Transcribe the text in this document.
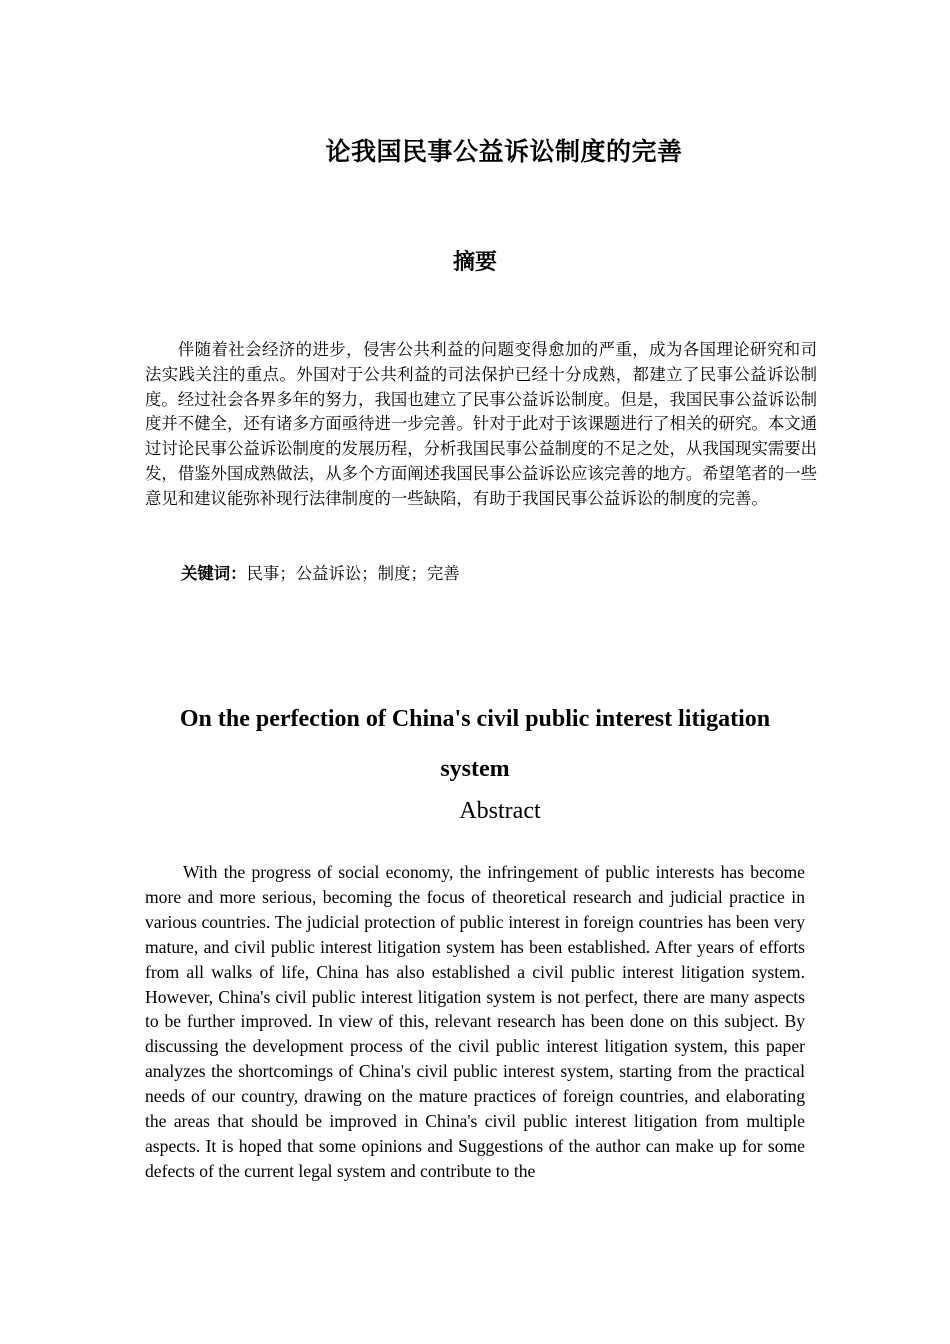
论我国民事公益诉讼制度的完善
摘要

伴随着社会经济的进步，侵害公共利益的问题变得愈加的严重，成为各国理论研究和司法实践关注的重点。外国对于公共利益的司法保护已经十分成熟，都建立了民事公益诉讼制度。经过社会各界多年的努力，我国也建立了民事公益诉讼制度。但是，我国民事公益诉讼制度并不健全，还有诸多方面亟待进一步完善。针对于此对于该课题进行了相关的研究。本文通过讨论民事公益诉讼制度的发展历程，分析我国民事公益制度的不足之处，从我国现实需要出发，借鉴外国成熟做法，从多个方面阐述我国民事公益诉讼应该完善的地方。希望笔者的一些意见和建议能弥补现行法律制度的一些缺陷，有助于我国民事公益诉讼的制度的完善。

关键词：民事；公益诉讼；制度；完善

On the perfection of China's civil public interest litigation system

Abstract

With the progress of social economy, the infringement of public interests has become more and more serious, becoming the focus of theoretical research and judicial practice in various countries. The judicial protection of public interest in foreign countries has been very mature, and civil public interest litigation system has been established. After years of efforts from all walks of life, China has also established a civil public interest litigation system. However, China's civil public interest litigation system is not perfect, there are many aspects to be further improved. In view of this, relevant research has been done on this subject. By discussing the development process of the civil public interest litigation system, this paper analyzes the shortcomings of China's civil public interest system, starting from the practical needs of our country, drawing on the mature practices of foreign countries, and elaborating the areas that should be improved in China's civil public interest litigation from multiple aspects. It is hoped that some opinions and Suggestions of the author can make up for some defects of the current legal system and contribute to the
